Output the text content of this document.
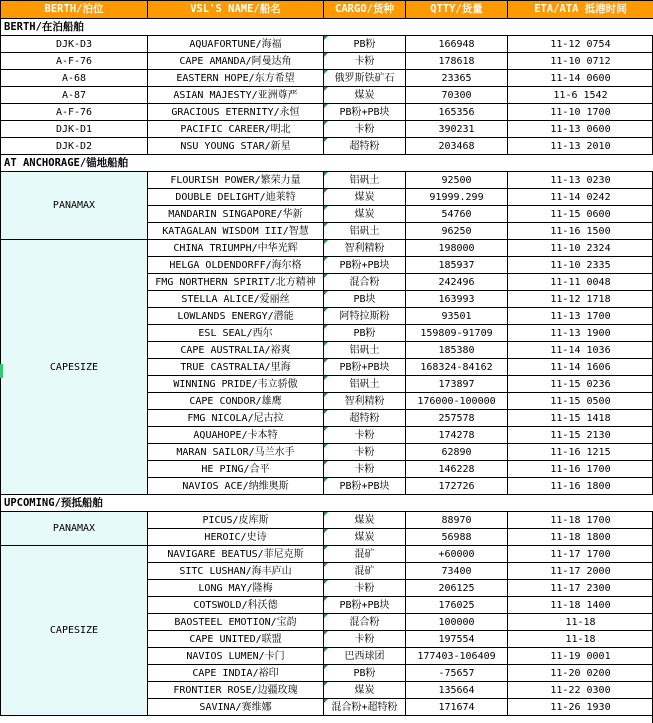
BERTH/泊位	VSL'S NAME/船名	CARGO/货种	QTTY/货量	ETA/ATA 抵港时间
BERTH/在泊船舶				
DJK-D3	AQUAFORTUNE/海福	PB粉	166948	11-12 0754
A-F-76	CAPE AMANDA/阿曼达角	卡粉	178618	11-10 0712
A-68	EASTERN HOPE/东方希望	俄罗斯铁矿石	23365	11-14 0600
A-87	ASIAN MAJESTY/亚洲尊严	煤炭	70300	11-6 1542
A-F-76	GRACIOUS ETERNITY/永恒	PB粉+PB块	165356	11-10 1700
DJK-D1	PACIFIC CAREER/明北	卡粉	390231	11-13 0600
DJK-D2	NSU YOUNG STAR/新星	超特粉	203468	11-13 2010
AT ANCHORAGE/锚地船舶				
PANAMAX	FLOURISH POWER/繁荣力量	铝矾土	92500	11-13 0230
	DOUBLE DELIGHT/迪莱特	煤炭	91999.299	11-14 0242
	MANDARIN SINGAPORE/华新	煤炭	54760	11-15 0600
	KATAGALAN WISDOM III/智慧	铝矾土	96250	11-16 1500
CAPESIZE	CHINA TRIUMPH/中华光辉	智利精粉	198000	11-10 2324
	HELGA OLDENDORFF/海尔格	PB粉+PB块	185937	11-10 2335
	FMG NORTHERN SPIRIT/北方精神	混合粉	242496	11-11 0048
	STELLA ALICE/爱丽丝	PB块	163993	11-12 1718
	LOWLANDS ENERGY/潜能	阿特拉斯粉	93501	11-13 1700
	ESL SEAL/西尔	PB粉	159809-91709	11-13 1900
	CAPE AUSTRALIA/裕爽	铝矾土	185380	11-14 1036
	TRUE CASTRALIA/里海	PB粉+PB块	168324-84162	11-14 1606
	WINNING PRIDE/韦立骄傲	铝矾土	173897	11-15 0236
	CAPE CONDOR/雄鹰	智利精粉	176000-100000	11-15 0500
	FMG NICOLA/尼古拉	超特粉	257578	11-15 1418
	AQUAHOPE/卡本特	卡粉	174278	11-15 2130
	MARAN SAILOR/马兰水手	卡粉	62890	11-16 1215
	HE PING/合平	卡粉	146228	11-16 1700
	NAVIOS ACE/纳维奥斯	PB粉+PB块	172726	11-16 1800
UPCOMING/预抵船舶				
PANAMAX	PICUS/皮库斯	煤炭	88970	11-18 1700
	HEROIC/史诗	煤炭	56988	11-18 1800
CAPESIZE	NAVIGARE BEATUS/菲尼克斯	混矿	+60000	11-17 1700
	SITC LUSHAN/海丰庐山	混矿	73400	11-17 2000
	LONG MAY/隆梅	卡粉	206125	11-17 2300
	COTSWOLD/科沃德	PB粉+PB块	176025	11-18 1400
	BAOSTEEL EMOTION/宝韵	混合粉	100000	11-18
	CAPE UNITED/联盟	卡粉	197554	11-18
	NAVIOS LUMEN/卡门	巴西球团	177403-106409	11-19 0001
	CAPE INDIA/裕印	PB粉	-75657	11-20 0200
	FRONTIER ROSE/边疆玫瑰	煤炭	135664	11-22 0300
	SAVINA/赛维娜	混合粉+超特粉	171674	11-26 1930
